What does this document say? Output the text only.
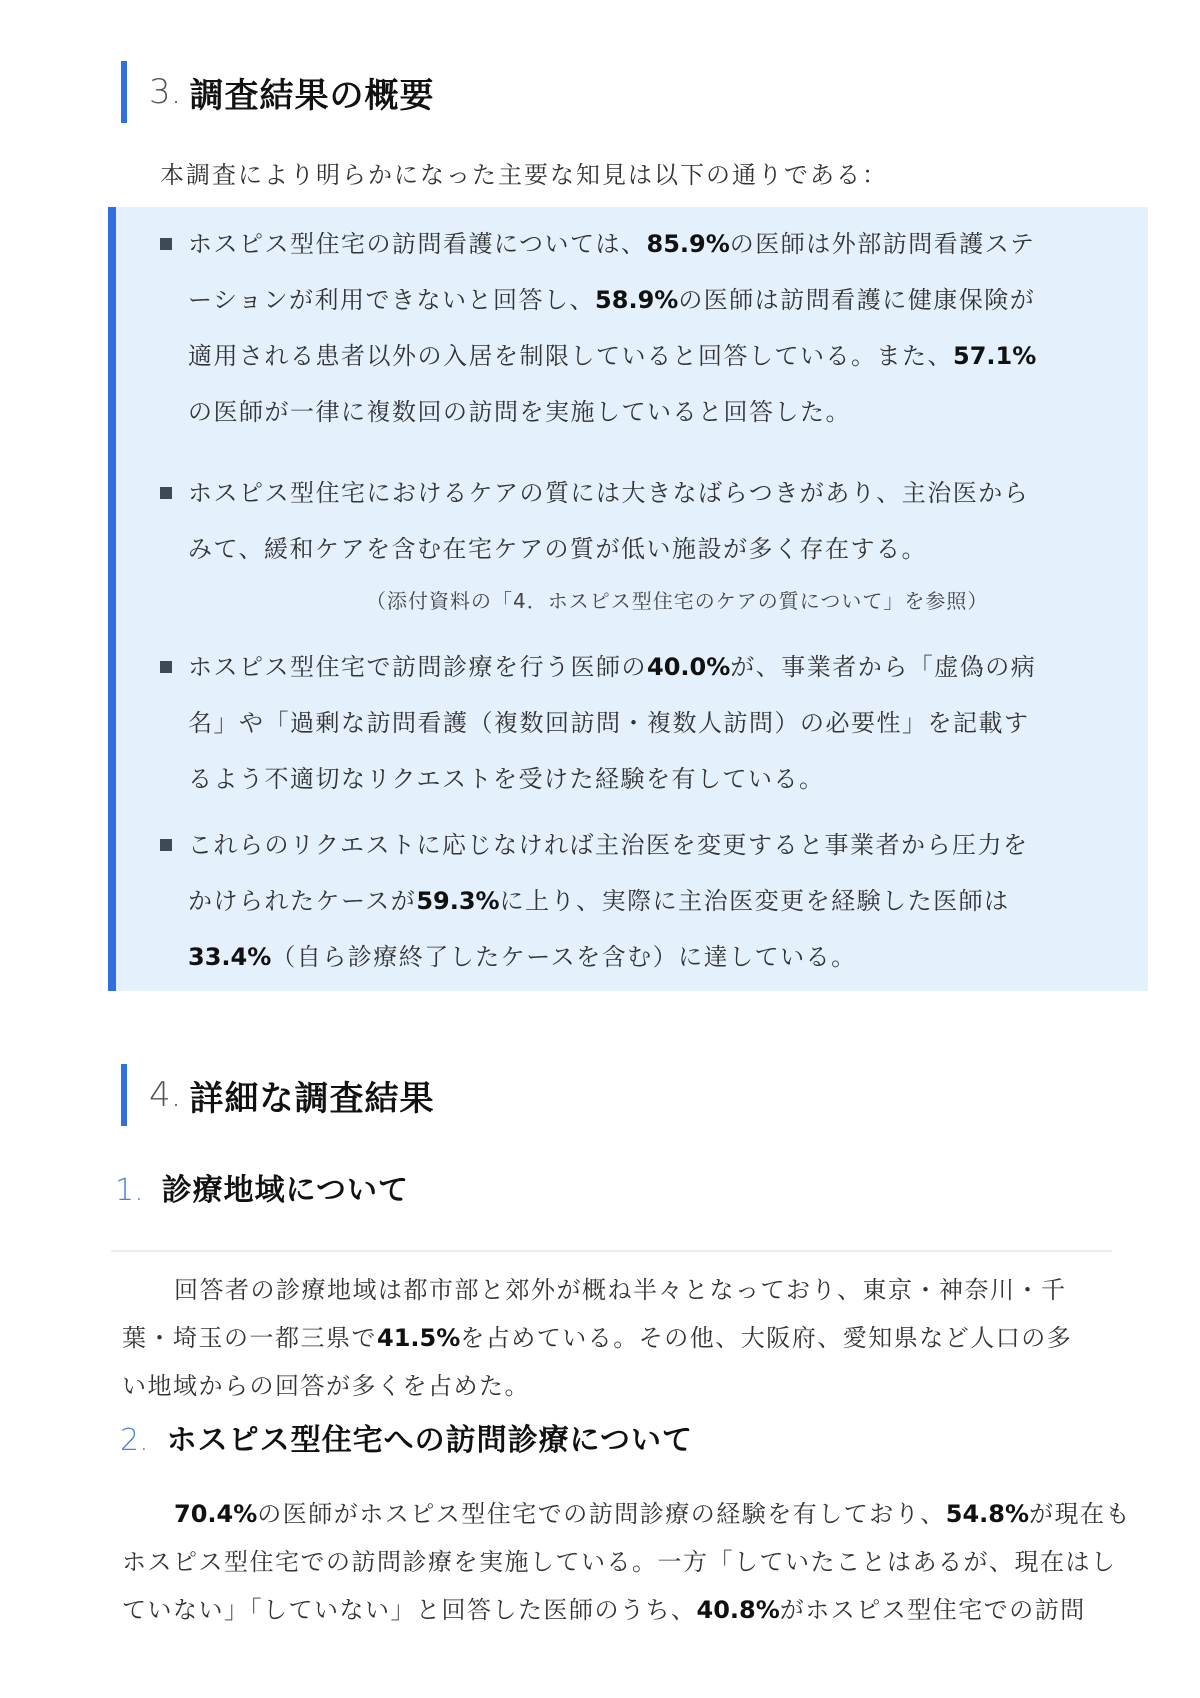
3. 調査結果の概要
本調査により明らかになった主要な知見は以下の通りである：
ホスピス型住宅の訪問看護については、85.9%の医師は外部訪問看護ステ
ーションが利用できないと回答し、58.9%の医師は訪問看護に健康保険が
適用される患者以外の入居を制限していると回答している。また、57.1%
の医師が一律に複数回の訪問を実施していると回答した。
ホスピス型住宅におけるケアの質には大きなばらつきがあり、主治医から
みて、緩和ケアを含む在宅ケアの質が低い施設が多く存在する。
（添付資料の「4．ホスピス型住宅のケアの質について」を参照）
ホスピス型住宅で訪問診療を行う医師の40.0%が、事業者から「虚偽の病
名」や「過剰な訪問看護（複数回訪問・複数人訪問）の必要性」を記載す
るよう不適切なリクエストを受けた経験を有している。
これらのリクエストに応じなければ主治医を変更すると事業者から圧力を
かけられたケースが59.3%に上り、実際に主治医変更を経験した医師は
33.4%（自ら診療終了したケースを含む）に達している。
4. 詳細な調査結果
1. 診療地域について
回答者の診療地域は都市部と郊外が概ね半々となっており、東京・神奈川・千
葉・埼玉の一都三県で41.5%を占めている。その他、大阪府、愛知県など人口の多
い地域からの回答が多くを占めた。
2. ホスピス型住宅への訪問診療について
70.4%の医師がホスピス型住宅での訪問診療の経験を有しており、54.8%が現在も
ホスピス型住宅での訪問診療を実施している。一方「していたことはあるが、現在はし
ていない」「していない」と回答した医師のうち、40.8%がホスピス型住宅での訪問
